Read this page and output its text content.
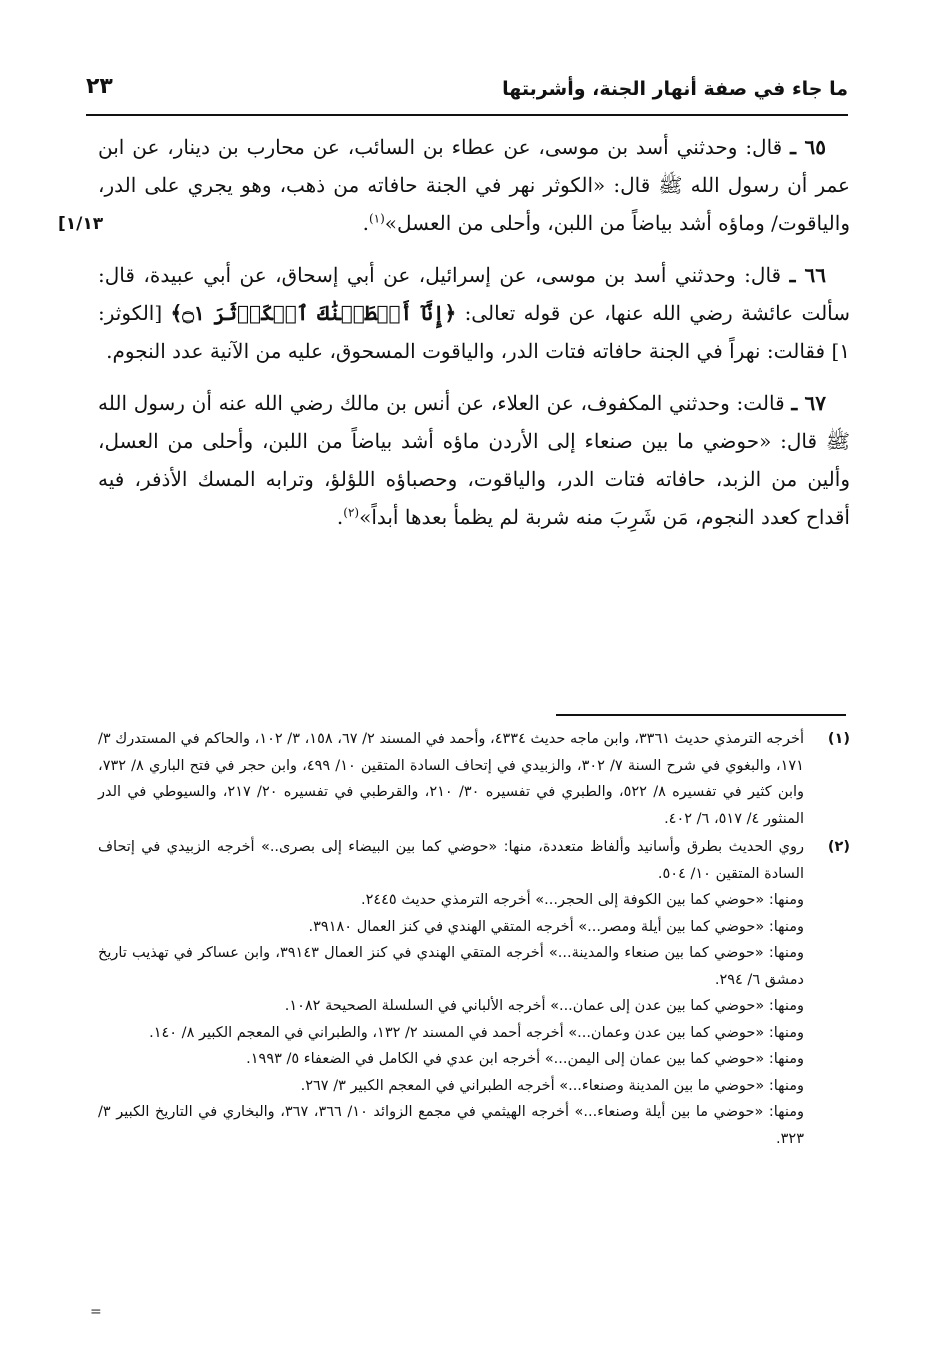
ما جاء في صفة أنهار الجنة، وأشربتها
٢٣
[١/١٣

٦٥ ـ قال: وحدثني أسد بن موسى، عن عطاء بن السائب، عن محارب بن دينار، عن ابن عمر أن رسول الله ﷺ قال: «الكوثر نهر في الجنة حافاته من ذهب، وهو يجري على الدر، والياقوت/ وماؤه أشد بياضاً من اللبن، وأحلى من العسل»$^{(١)}$.

٦٦ ـ قال: وحدثني أسد بن موسى، عن إسرائيل، عن أبي إسحاق، عن أبي عبيدة، قال: سألت عائشة رضي الله عنها، عن قوله تعالى: ﴿إِنَّآ أَعۡطَيۡنَٰكَ ٱلۡكَوۡثَرَ ۝١﴾ [الكوثر: ١] فقالت: نهراً في الجنة حافاته فتات الدر، والياقوت المسحوق، عليه من الآنية عدد النجوم.

٦٧ ـ قالت: وحدثني المكفوف، عن العلاء، عن أنس بن مالك رضي الله عنه أن رسول الله ﷺ قال: «حوضي ما بين صنعاء إلى الأردن ماؤه أشد بياضاً من اللبن، وأحلى من العسل، وألين من الزبد، حافاته فتات الدر، والياقوت، وحصباؤه اللؤلؤ، وترابه المسك الأذفر، فيه أقداح كعدد النجوم، مَن شَرِبَ منه شربة لم يظمأ بعدها أبداً»$^{(٢)}$.

(١)
أخرجه الترمذي حديث ٣٣٦١، وابن ماجه حديث ٤٣٣٤، وأحمد في المسند ٢/ ٦٧، ١٥٨، ٣/ ١٠٢، والحاكم في المستدرك ٣/ ١٧١، والبغوي في شرح السنة ٧/ ٣٠٢، والزبيدي في إتحاف السادة المتقين ١٠/ ٤٩٩، وابن حجر في فتح الباري ٨/ ٧٣٢، وابن كثير في تفسيره ٨/ ٥٢٢، والطبري في تفسيره ٣٠/ ٢١٠، والقرطبي في تفسيره ٢٠/ ٢١٧، والسيوطي في الدر المنثور ٤/ ٥١٧، ٦/ ٤٠٢.
(٢)
روي الحديث بطرق وأسانيد وألفاظ متعددة، منها: «حوضي كما بين البيضاء إلى بصرى..» أخرجه الزبيدي في إتحاف السادة المتقين ١٠/ ٥٠٤.
ومنها: «حوضي كما بين الكوفة إلى الحجر...» أخرجه الترمذي حديث ٢٤٤٥.
ومنها: «حوضي كما بين أيلة ومصر...» أخرجه المتقي الهندي في كنز العمال ٣٩١٨٠.
ومنها: «حوضي كما بين صنعاء والمدينة...» أخرجه المتقي الهندي في كنز العمال ٣٩١٤٣، وابن عساكر في تهذيب تاريخ دمشق ٦/ ٢٩٤.
ومنها: «حوضي كما بين عدن إلى عمان...» أخرجه الألباني في السلسلة الصحيحة ١٠٨٢.
ومنها: «حوضي كما بين عدن وعمان...» أخرجه أحمد في المسند ٢/ ١٣٢، والطبراني في المعجم الكبير ٨/ ١٤٠.
ومنها: «حوضي كما بين عمان إلى اليمن...» أخرجه ابن عدي في الكامل في الضعفاء ٥/ ١٩٩٣.
ومنها: «حوضي ما بين المدينة وصنعاء...» أخرجه الطبراني في المعجم الكبير ٣/ ٢٦٧.
ومنها: «حوضي ما بين أيلة وصنعاء...» أخرجه الهيثمي في مجمع الزوائد ١٠/ ٣٦٦، ٣٦٧، والبخاري في التاريخ الكبير ٣/ ٣٢٣.
=
